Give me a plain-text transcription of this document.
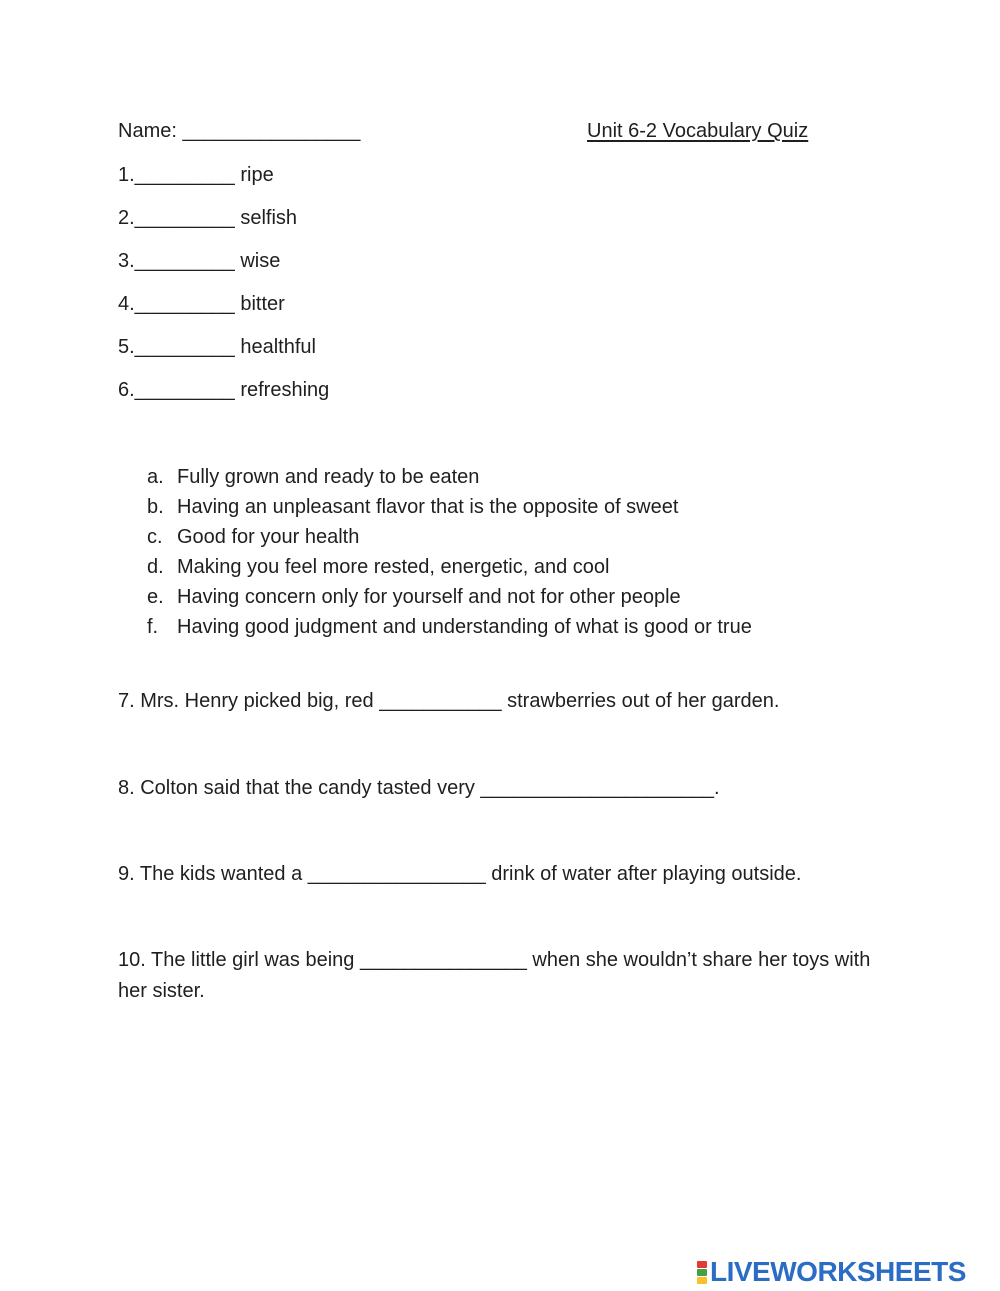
Name: ________________	Unit 6-2 Vocabulary Quiz
1._________ ripe
2._________ selfish
3._________ wise
4._________ bitter
5._________ healthful
6._________ refreshing
a. Fully grown and ready to be eaten
b. Having an unpleasant flavor that is the opposite of sweet
c. Good for your health
d. Making you feel more rested, energetic, and cool
e. Having concern only for yourself and not for other people
f. Having good judgment and understanding of what is good or true
7. Mrs. Henry picked big, red ___________ strawberries out of her garden.
8. Colton said that the candy tasted very _____________________.
9. The kids wanted a ________________ drink of water after playing outside.
10. The little girl was being _______________ when she wouldn’t share her toys with her sister.
LIVEWORKSHEETS
